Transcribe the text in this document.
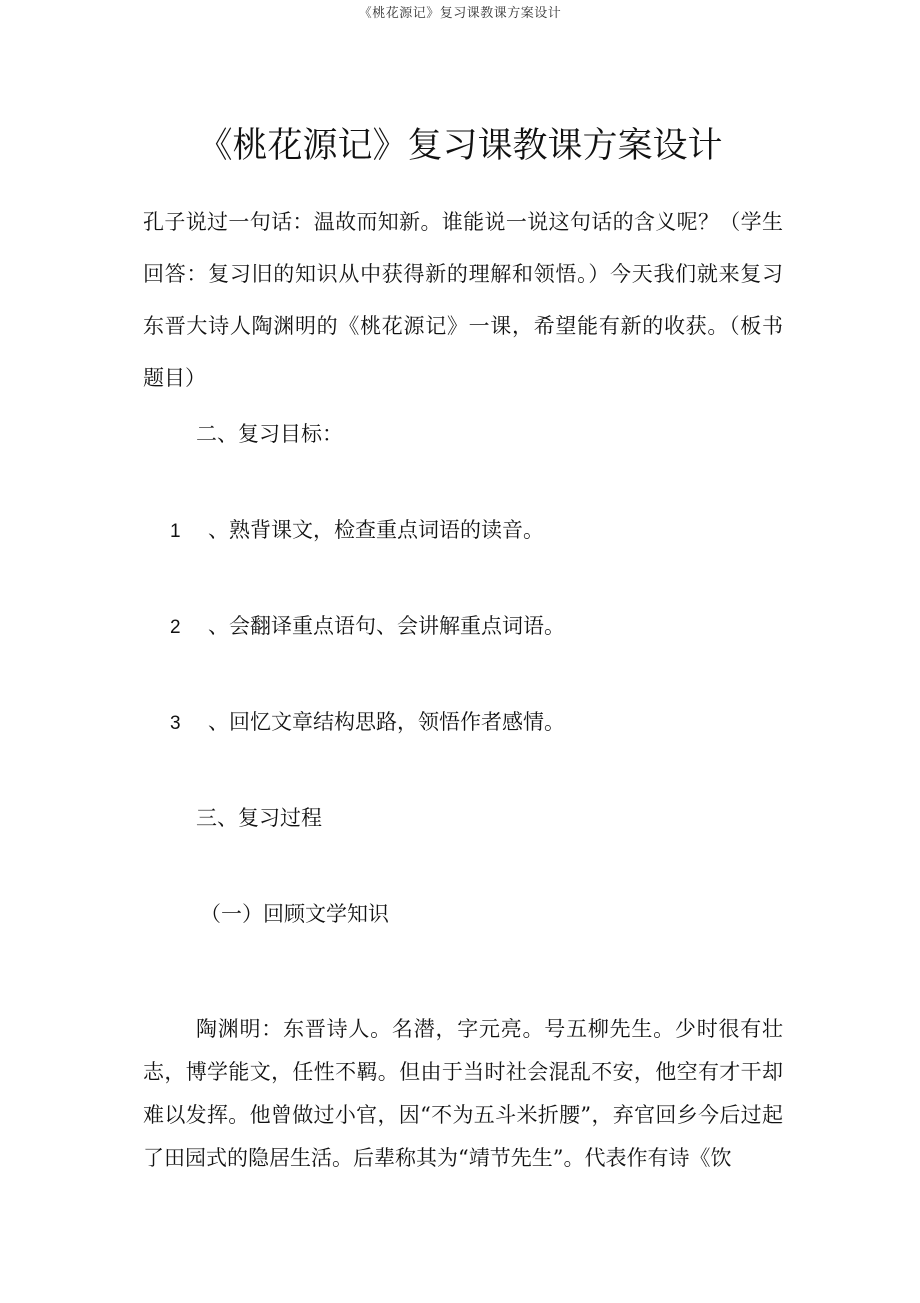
《桃花源记》复习课教课方案设计
《桃花源记》复习课教课方案设计

孔子说过一句话：温故而知新。谁能说一说这句话的含义呢？（学生回答：复习旧的知识从中获得新的理解和领悟。）今天我们就来复习东晋大诗人陶渊明的《桃花源记》一课，希望能有新的收获。（板书题目）

二、复习目标：
1 、熟背课文，检查重点词语的读音。
2 、会翻译重点语句、会讲解重点词语。
3 、回忆文章结构思路，领悟作者感情。
三、复习过程
（一）回顾文学知识

陶渊明：东晋诗人。名潜，字元亮。号五柳先生。少时很有壮志，博学能文，任性不羁。但由于当时社会混乱不安，他空有才干却难以发挥。他曾做过小官，因“不为五斗米折腰”，弃官回乡今后过起了田园式的隐居生活。后辈称其为“靖节先生”。代表作有诗《饮
